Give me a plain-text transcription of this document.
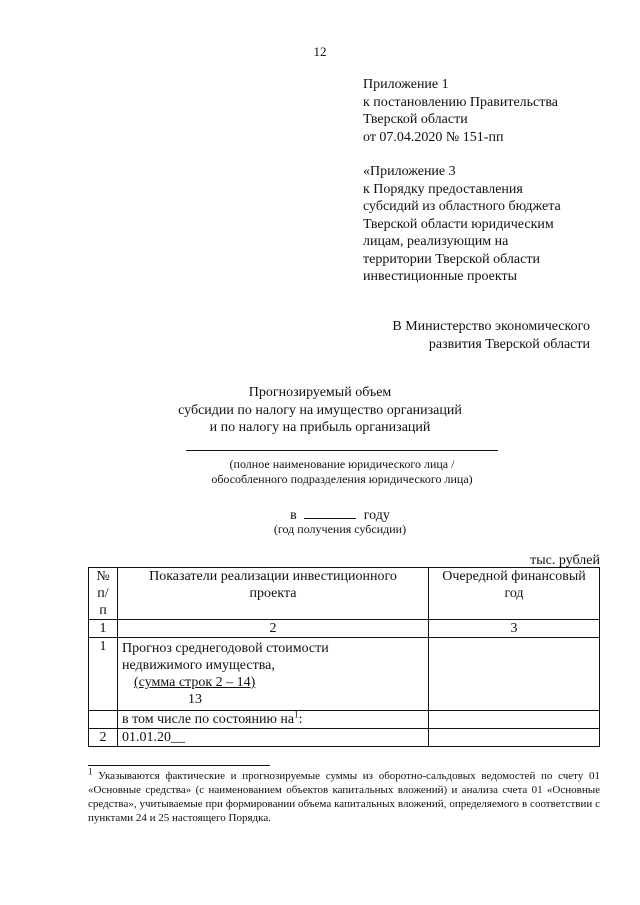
12
Приложение 1
к постановлению Правительства
Тверской области
от 07.04.2020 № 151-пп
«Приложение 3
к Порядку предоставления
субсидий из областного бюджета
Тверской области юридическим
лицам, реализующим на
территории Тверской области
инвестиционные проекты
В Министерство экономического
развития Тверской области
Прогнозируемый объем
субсидии по налогу на имущество организаций
и по налогу на прибыль организаций
(полное наименование юридического лица /
обособленного подразделения юридического лица)
в	году
(год получения субсидии)
тыс. рублей
№
п/
п	Показатели реализации инвестиционного проекта	Очередной финансовый год
1	2	3
1	Прогноз среднегодовой стоимости
недвижимого имущества,
(сумма строк 2 – 14)
13	

	в том числе по состоянию $на^1$:	
2	01.01.20__	
$^1$ Указываются фактические и прогнозируемые суммы из оборотно-сальдовых ведомостей по счету 01 «Основные средства» (с наименованием объектов капитальных вложений) и анализа счета 01 «Основные средства», учитываемые при формировании объема капитальных вложений, определяемого в соответствии с пунктами 24 и 25 настоящего Порядка.
